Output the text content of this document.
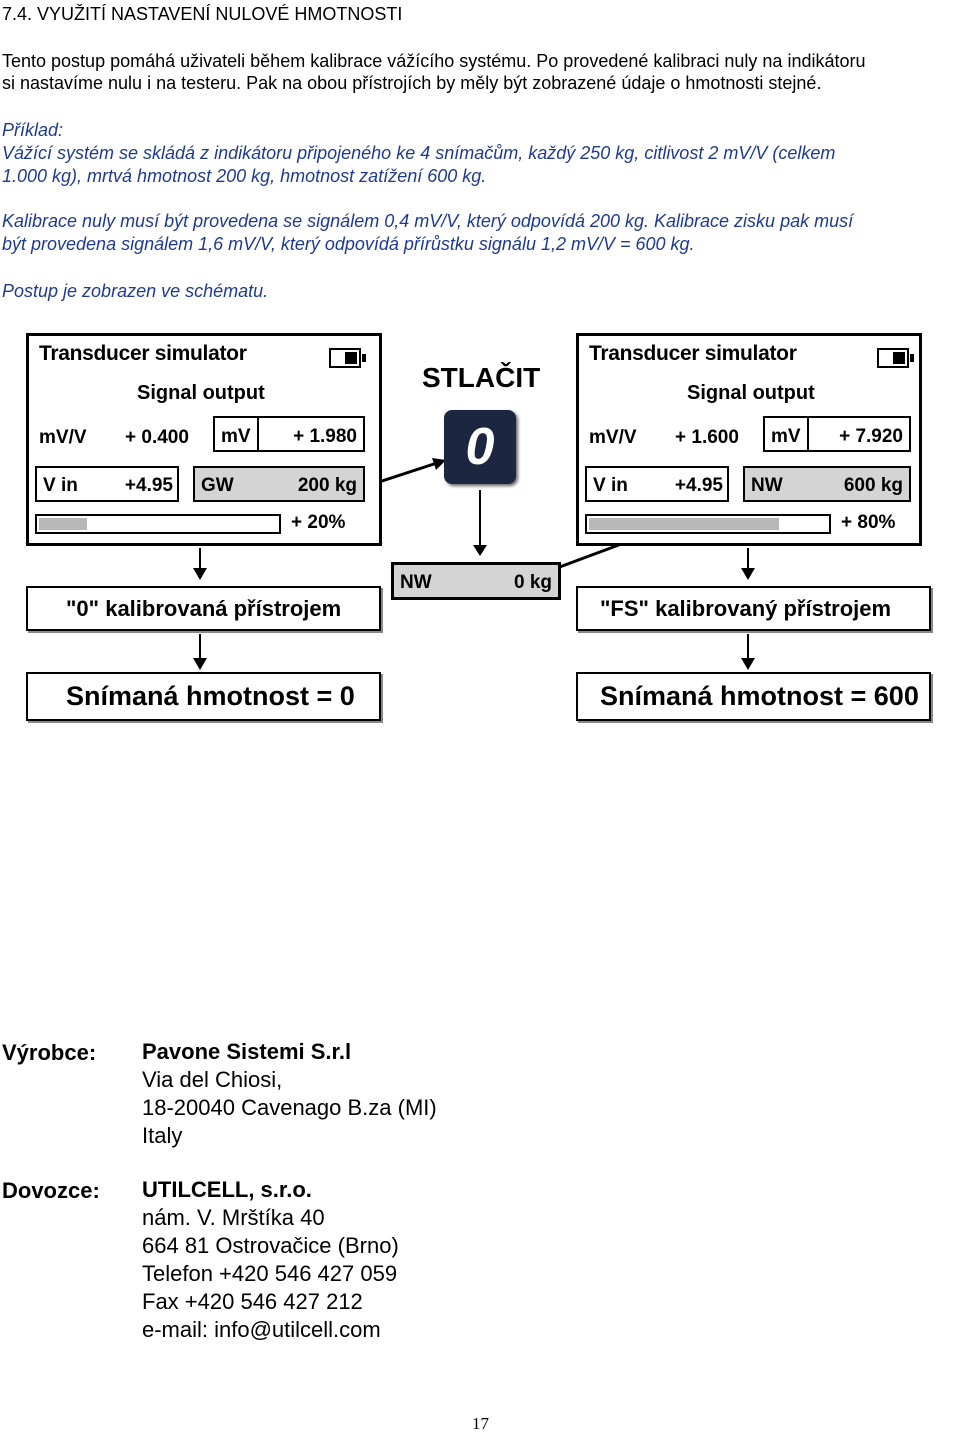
7.4. VYUŽITÍ NASTAVENÍ NULOVÉ HMOTNOSTI
Tento postup pomáhá uživateli během kalibrace vážícího systému. Po provedené kalibraci nuly na indikátoru
si nastavíme nulu i na testeru. Pak na obou přístrojích by měly být zobrazené údaje o hmotnosti stejné.
Příklad:
Vážící systém se skládá z indikátoru připojeného ke 4 snímačům, každý 250 kg, citlivost 2 mV/V (celkem
1.000 kg), mrtvá hmotnost 200 kg, hmotnost zatížení 600 kg.
Kalibrace nuly musí být provedena se signálem 0,4 mV/V, který odpovídá 200 kg. Kalibrace zisku pak musí
být provedena signálem 1,6 mV/V, který odpovídá přírůstku signálu 1,2 mV/V = 600 kg.
Postup je zobrazen ve schématu.
Transducer simulator
Signal output
mV/V + 0.400 mV + 1.980
V in +4.95 GW	200 kg
+ 20%
STLAČIT
0
Transducer simulator
Signal output
mV/V + 1.600 mV + 7.920
V in +4.95 NW	600 kg
+ 80%
NW	0 kg
"0" kalibrovaná přístrojem	"FS" kalibrovaný přístrojem
Snímaná hmotnost = 0	Snímaná hmotnost = 600
Výrobce: Pavone Sistemi S.r.l
Via del Chiosi,
18-20040 Cavenago B.za (MI)
Italy
Dovozce: UTILCELL, s.r.o.
nám. V. Mrštíka 40
664 81 Ostrovačice (Brno)
Telefon +420 546 427 059
Fax +420 546 427 212
e-mail: info@utilcell.com
17
